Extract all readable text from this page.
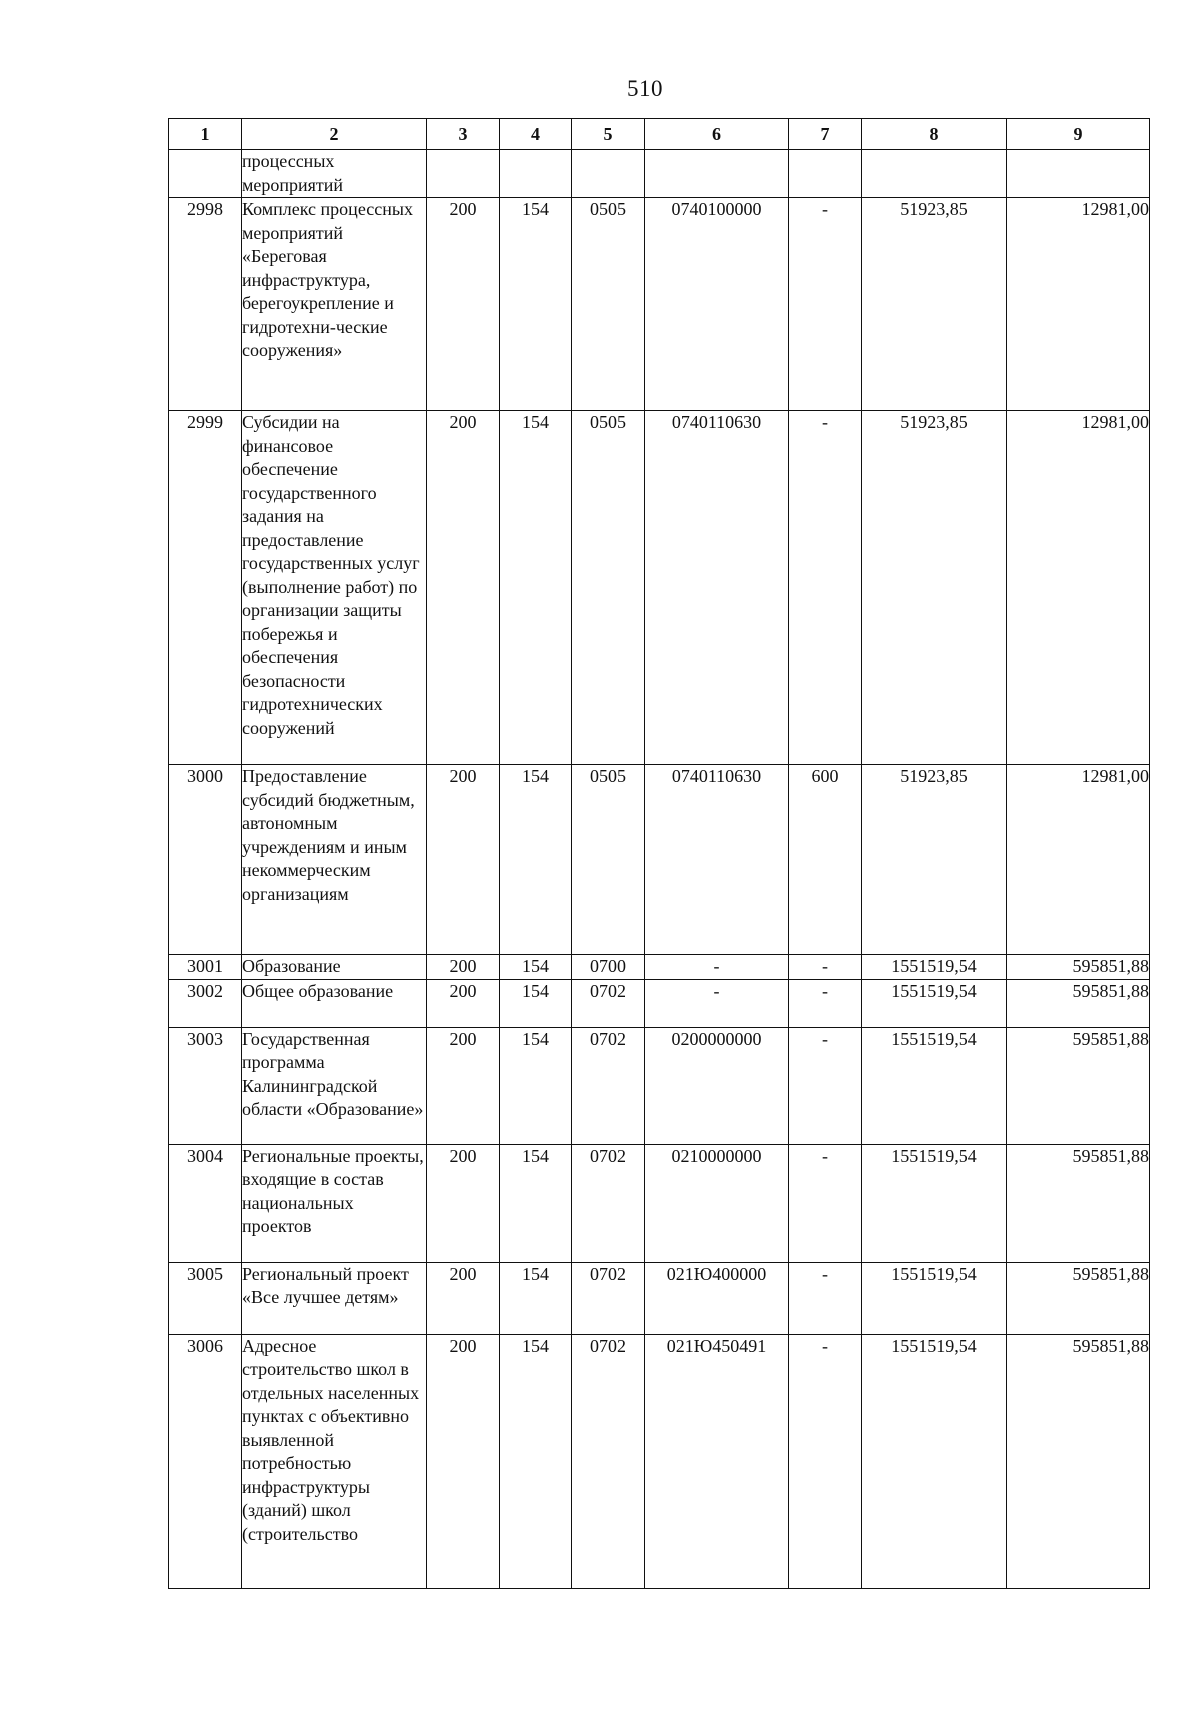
510
1	2	3	4	5	6	7	8	9
	процессных мероприятий							
2998	Комплекс процессных мероприятий «Береговая инфраструктура, берегоукрепление и гидротехни-ческие сооружения»	200	154	0505	0740100000	-	51923,85	12981,00
2999	Субсидии на финансовое обеспечение государственного задания на предоставление государственных услуг (выполнение работ) по организации защиты побережья и обеспечения безопасности гидротехнических сооружений	200	154	0505	0740110630	-	51923,85	12981,00
3000	Предоставление субсидий бюджетным, автономным учреждениям и иным некоммерческим организациям	200	154	0505	0740110630	600	51923,85	12981,00
3001	Образование	200	154	0700	-	-	1551519,54	595851,88
3002	Общее образование	200	154	0702	-	-	1551519,54	595851,88
3003	Государственная программа Калининградской области «Образование»	200	154	0702	0200000000	-	1551519,54	595851,88
3004	Региональные проекты, входящие в состав национальных проектов	200	154	0702	0210000000	-	1551519,54	595851,88
3005	Региональный проект «Все лучшее детям»	200	154	0702	021Ю400000	-	1551519,54	595851,88
3006	Адресное строительство школ в отдельных населенных пунктах с объективно выявленной потребностью инфраструктуры (зданий) школ (строительство	200	154	0702	021Ю450491	-	1551519,54	595851,88
